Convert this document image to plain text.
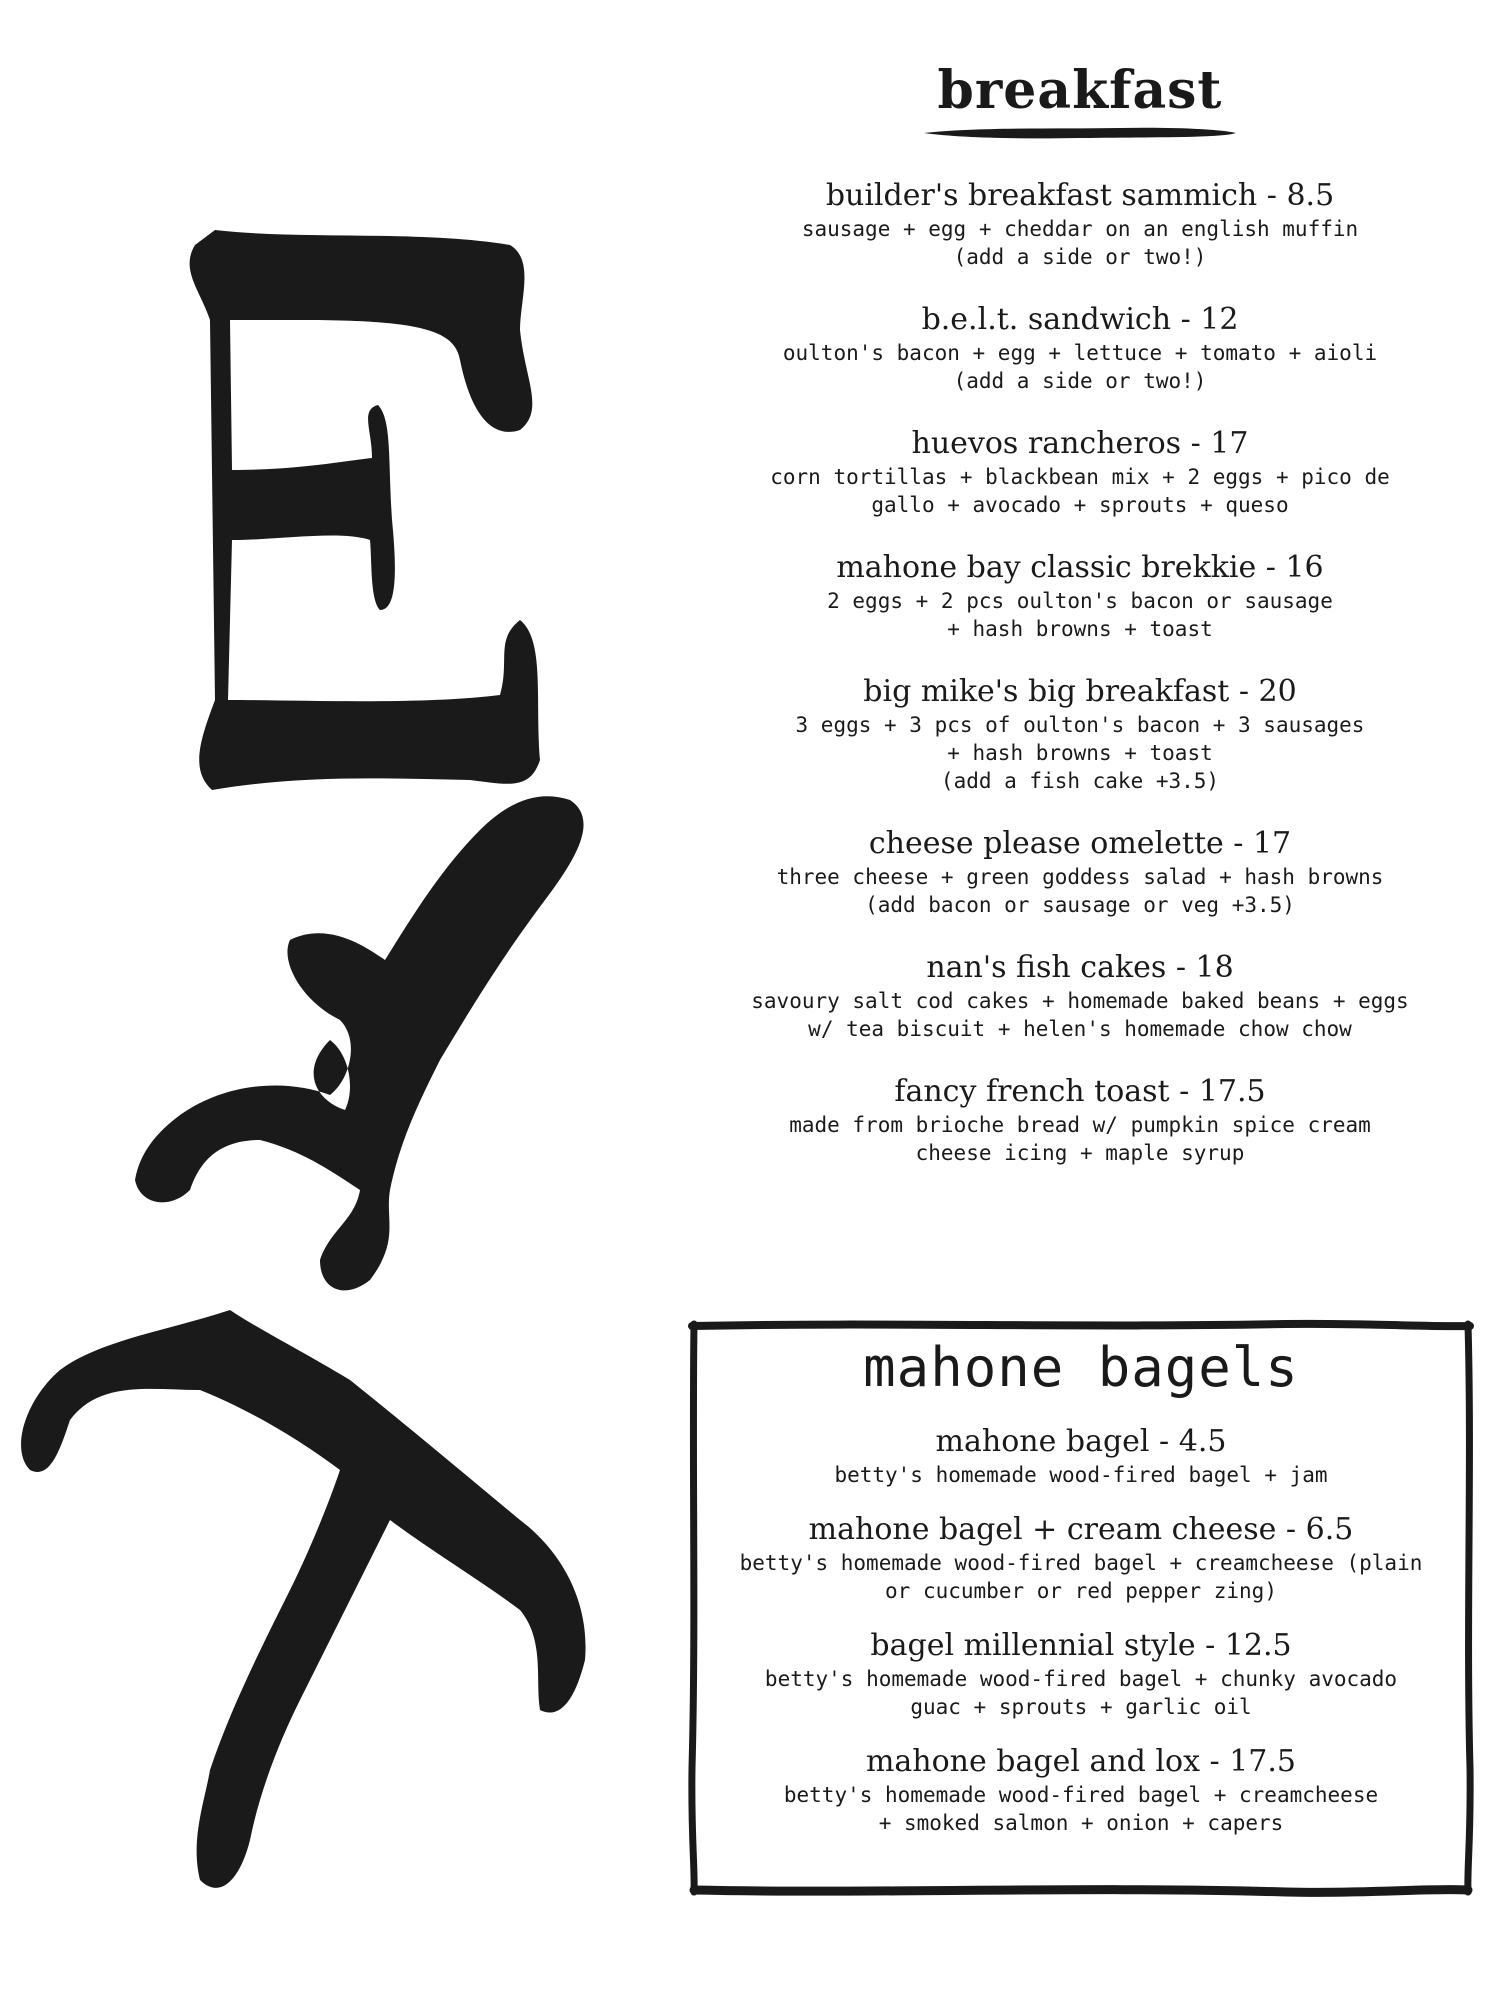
breakfast
builder's breakfast sammich - 8.5
sausage + egg + cheddar on an english muffin
(add a side or two!)
b.e.l.t. sandwich - 12
oulton's bacon + egg + lettuce + tomato + aioli
(add a side or two!)
huevos rancheros - 17
corn tortillas + blackbean mix + 2 eggs + pico de
gallo + avocado + sprouts + queso
mahone bay classic brekkie - 16
2 eggs + 2 pcs oulton's bacon or sausage
+ hash browns + toast
big mike's big breakfast - 20
3 eggs + 3 pcs of oulton's bacon + 3 sausages
+ hash browns + toast
(add a fish cake +3.5)
cheese please omelette - 17
three cheese + green goddess salad + hash browns
(add bacon or sausage or veg +3.5)
nan's fish cakes - 18
savoury salt cod cakes + homemade baked beans + eggs
w/ tea biscuit + helen's homemade chow chow
fancy french toast - 17.5
made from brioche bread w/ pumpkin spice cream
cheese icing + maple syrup
mahone bagels
mahone bagel - 4.5
betty's homemade wood-fired bagel + jam
mahone bagel + cream cheese - 6.5
betty's homemade wood-fired bagel + creamcheese (plain
or cucumber or red pepper zing)
bagel millennial style - 12.5
betty's homemade wood-fired bagel + chunky avocado
guac + sprouts + garlic oil
mahone bagel and lox - 17.5
betty's homemade wood-fired bagel + creamcheese
+ smoked salmon + onion + capers
